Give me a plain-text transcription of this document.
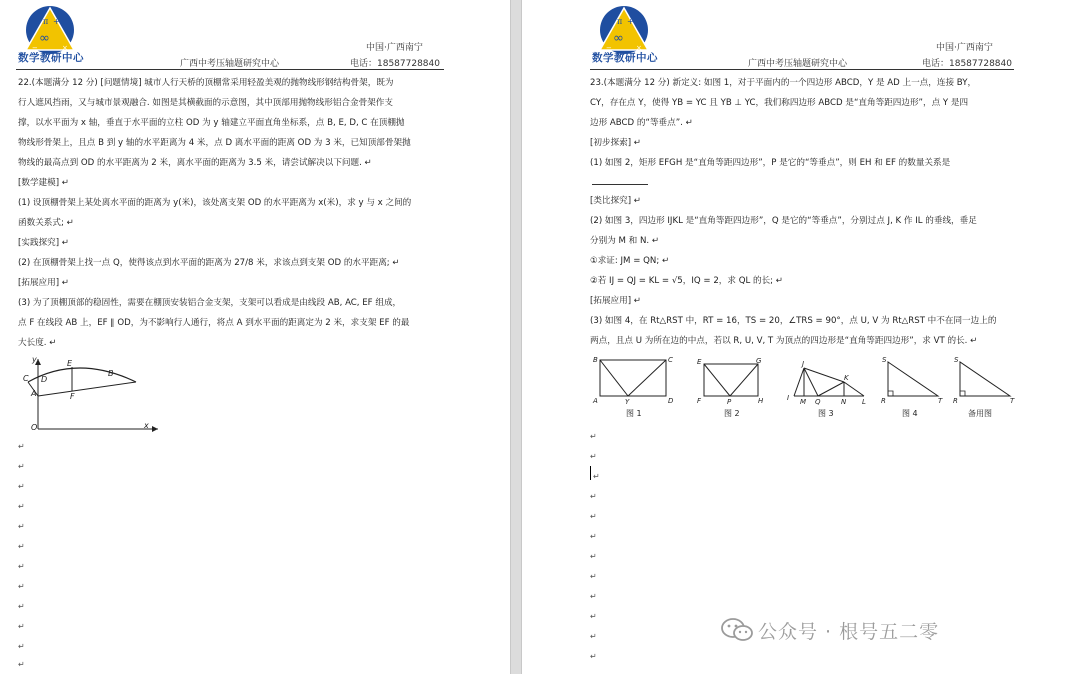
π +
∞
−	×
数学教研中心	广西中考压轴题研究中心
中国·广西南宁
电话：18587728840
22.(本题满分 12 分) [问题情境] 城市人行天桥的顶棚常采用轻盈美观的抛物线形钢结构骨架，既为
行人遮风挡雨，又与城市景观融合. 如图是其横截面的示意图，其中顶部用抛物线形铝合金骨架作支
撑，以水平面为 x 轴，垂直于水平面的立柱 OD 为 y 轴建立平面直角坐标系，点 B, E, D, C 在顶棚抛
物线形骨架上，且点 B 到 y 轴的水平距离为 4 米，点 D 离水平面的距离 OD 为 3 米，已知顶部骨架抛
物线的最高点到 OD 的水平距离为 2 米，离水平面的距离为 3.5 米，请尝试解决以下问题. ↵
[数学建模] ↵
(1) 设顶棚骨架上某处离水平面的距离为 y(米)，该处离支架 OD 的水平距离为 x(米)，求 y 与 x 之间的
函数关系式; ↵
[实践探究] ↵
(2) 在顶棚骨架上找一点 Q，使得该点到水平面的距离为 27/8 米，求该点到支架 OD 的水平距离; ↵
[拓展应用] ↵
(3) 为了顶棚顶部的稳固性，需要在棚顶安装铝合金支架，支架可以看成是由线段 AB, AC, EF 组成，
点 F 在线段 AB 上，EF ∥ OD，为不影响行人通行，将点 A 到水平面的距离定为 2 米，求支架 EF 的最
大长度. ↵
y	E
C D
A	F
B
O	x
↵
↵
↵
↵
↵
↵
↵
↵
↵
↵
↵
↵
π +
∞
−	×
数学教研中心	广西中考压轴题研究中心
中国·广西南宁
电话：18587728840
23.(本题满分 12 分) 新定义: 如图 1，对于平面内的一个四边形 ABCD，Y 是 AD 上一点，连接 BY，
CY，存在点 Y，使得 YB = YC 且 YB ⊥ YC，我们称四边形 ABCD 是“直角等距四边形”，点 Y 是四
边形 ABCD 的“等垂点”. ↵
[初步探索] ↵
(1) 如图 2，矩形 EFGH 是“直角等距四边形”，P 是它的“等垂点”，则 EH 和 EF 的数量关系是
[类比探究] ↵
(2) 如图 3，四边形 IJKL 是“直角等距四边形”，Q 是它的“等垂点”，分别过点 J, K 作 IL 的垂线，垂足
分别为 M 和 N. ↵
①求证: JM = QN; ↵
②若 IJ = QJ = KL = √5，IQ = 2，求 QL 的长; ↵
[拓展应用] ↵
(3) 如图 4，在 Rt△RST 中，RT = 16，TS = 20，∠TRS = 90°，点 U, V 为 Rt△RST 中不在同一边上的
两点，且点 U 为所在边的中点，若以 R, U, V, T 为顶点的四边形是“直角等距四边形”，求 VT 的长. ↵
B	C
A	Y	D
图 1
E
F
G
P	H
图 2
J
K
I M Q	N L
图 3
S
R	T
图 4
S
R	T
备用图
↵
↵
↵
↵
↵
↵
↵
↵
↵
↵
↵
↵
公众号 · 根号五二零
